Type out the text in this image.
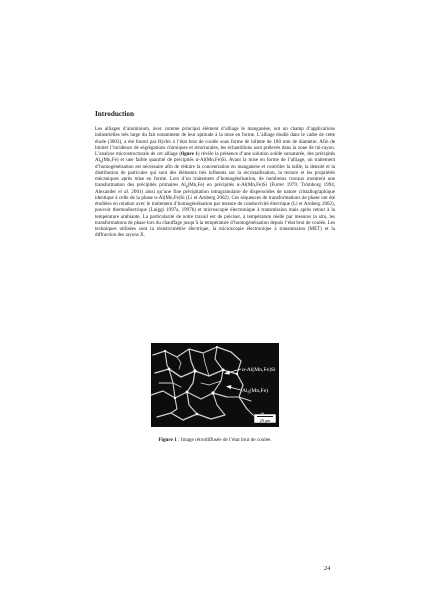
Introduction

Les alliages d’aluminium, avec comme principal élément d’alliage le manganèse, ont un champ d’applications industrielles très large du fait notamment de leur aptitude à la mise en forme. L’alliage étudié dans le cadre de cette étude (3003), a été fourni par Hydro à l’état brut de coulée sous forme de billette de 180 mm de diamètre. Afin de limiter l’incidence de ségrégations chimiques et structurales, les échantillons sont prélevés dans la zone de mi-rayon. L’analyse microstructurale de cet alliage (figure 1) révèle la présence d’une solution solide sursaturée, des précipités $Al_6(Mn,Fe)$ et une faible quantité de précipités α-Al(Mn,Fe)Si. Avant la mise en forme de l’alliage, un traitement d’homogénéisation est nécessaire afin de réduire la concentration en manganèse et contrôler la taille, la densité et la distribution de particules qui sont des éléments très influents sur la recristallisation, la texture et les propriétés mécaniques après mise en forme. Lors d’un traitement d’homogénéisation, de nombreux travaux montrent une transformation des précipités primaires $Al_6(Mn,Fe)$ en précipités α-Al(Mn,Fe)Si (Furrer 1979, Trömborg 1994, Alexander et al. 2001) ainsi qu’une fine précipitation intragranulaire de dispersoïdes de nature cristallographique identique à celle de la phase α-Al(Mn,Fe)Si (Li et Arnberg 2002). Ces séquences de transformations de phase ont été étudiées en relation avec le traitement d’homogénéisation par mesure de conductivité électrique (Li et Arnberg 2002), pouvoir thermoélectrique (Luiggi 1997a, 1997b) et microscopie électronique à transmission mais après retour à la température ambiante. La particularité de notre travail est de préciser, à température réelle par mesures in situ, les transformations de phase lors du chauffage jusqu’à la température d’homogénéisation depuis l’état brut de coulée. Les techniques utilisées sont la résistivimétrie électrique, la microscopie électronique à transmission (MET) et la diffraction des rayons X.

α-Al(Mn,Fe)Si
$Al_6(Mn,Fe)$
20 μm

Figure 1 : Image rétrodiffusée de l’état brut de coulée.

24
